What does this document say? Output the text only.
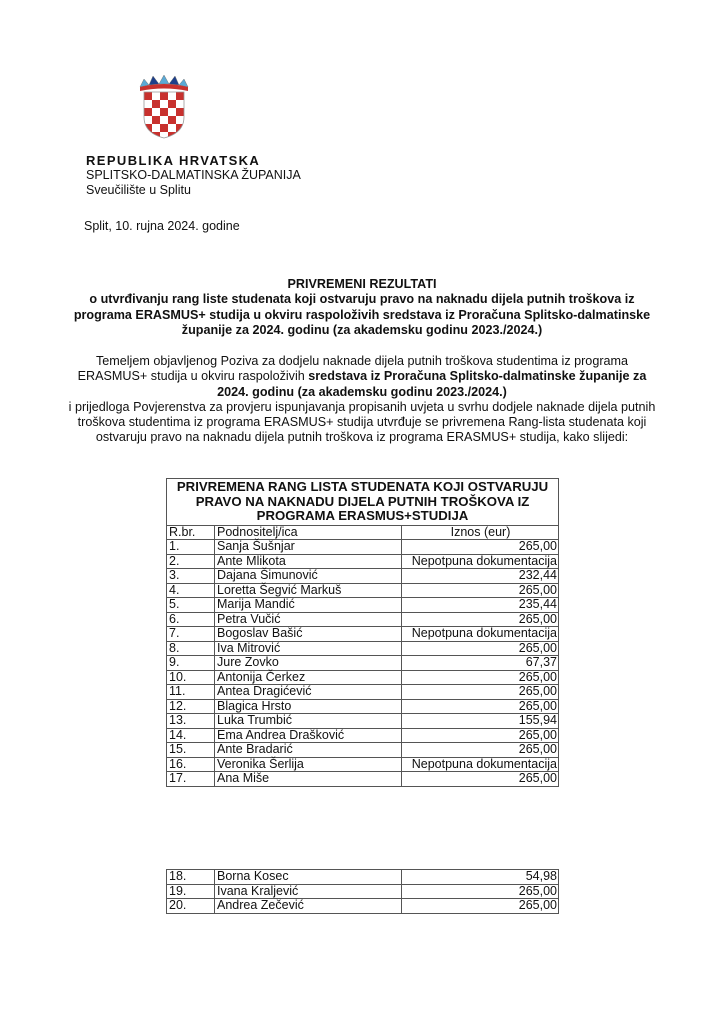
REPUBLIKA HRVATSKA
SPLITSKO-DALMATINSKA ŽUPANIJA
Sveučilište u Splitu
Split, 10. rujna 2024. godine
PRIVREMENI REZULTATI
o utvrđivanju rang liste studenata koji ostvaruju pravo na naknadu dijela putnih troškova iz programa ERASMUS+ studija u okviru raspoloživih sredstava iz Proračuna Splitsko-dalmatinske županije za 2024. godinu (za akademsku godinu 2023./2024.)
Temeljem objavljenog Poziva za dodjelu naknade dijela putnih troškova studentima iz programa ERASMUS+ studija u okviru raspoloživih sredstava iz Proračuna Splitsko-dalmatinske županije za 2024. godinu (za akademsku godinu 2023./2024.)
i prijedloga Povjerenstva za provjeru ispunjavanja propisanih uvjeta u svrhu dodjele naknade dijela putnih troškova studentima iz programa ERASMUS+ studija utvrđuje se privremena Rang-lista studenata koji ostvaruju pravo na naknadu dijela putnih troškova iz programa ERASMUS+ studija, kako slijedi:
PRIVREMENA RANG LISTA STUDENATA KOJI OSTVARUJU PRAVO NA NAKNADU DIJELA PUTNIH TROŠKOVA IZ PROGRAMA ERASMUS+STUDIJA		
R.br.	Podnositelj/ica	Iznos (eur)
1.	Sanja Šušnjar	265,00
2.	Ante Mlikota	Nepotpuna dokumentacija
3.	Dajana Šimunović	232,44
4.	Loretta Šegvić Markuš	265,00
5.	Marija Mandić	235,44
6.	Petra Vučić	265,00
7.	Bogoslav Bašić	Nepotpuna dokumentacija
8.	Iva Mitrović	265,00
9.	Jure Zovko	67,37
10.	Antonija Čerkez	265,00
11.	Antea Dragićević	265,00
12.	Blagica Hrsto	265,00
13.	Luka Trumbić	155,94
14.	Ema Andrea Drašković	265,00
15.	Ante Bradarić	265,00
16.	Veronika Šerlija	Nepotpuna dokumentacija
17.	Ana Miše	265,00
18.	Borna Kosec	54,98
19.	Ivana Kraljević	265,00
20.	Andrea Zečević	265,00
